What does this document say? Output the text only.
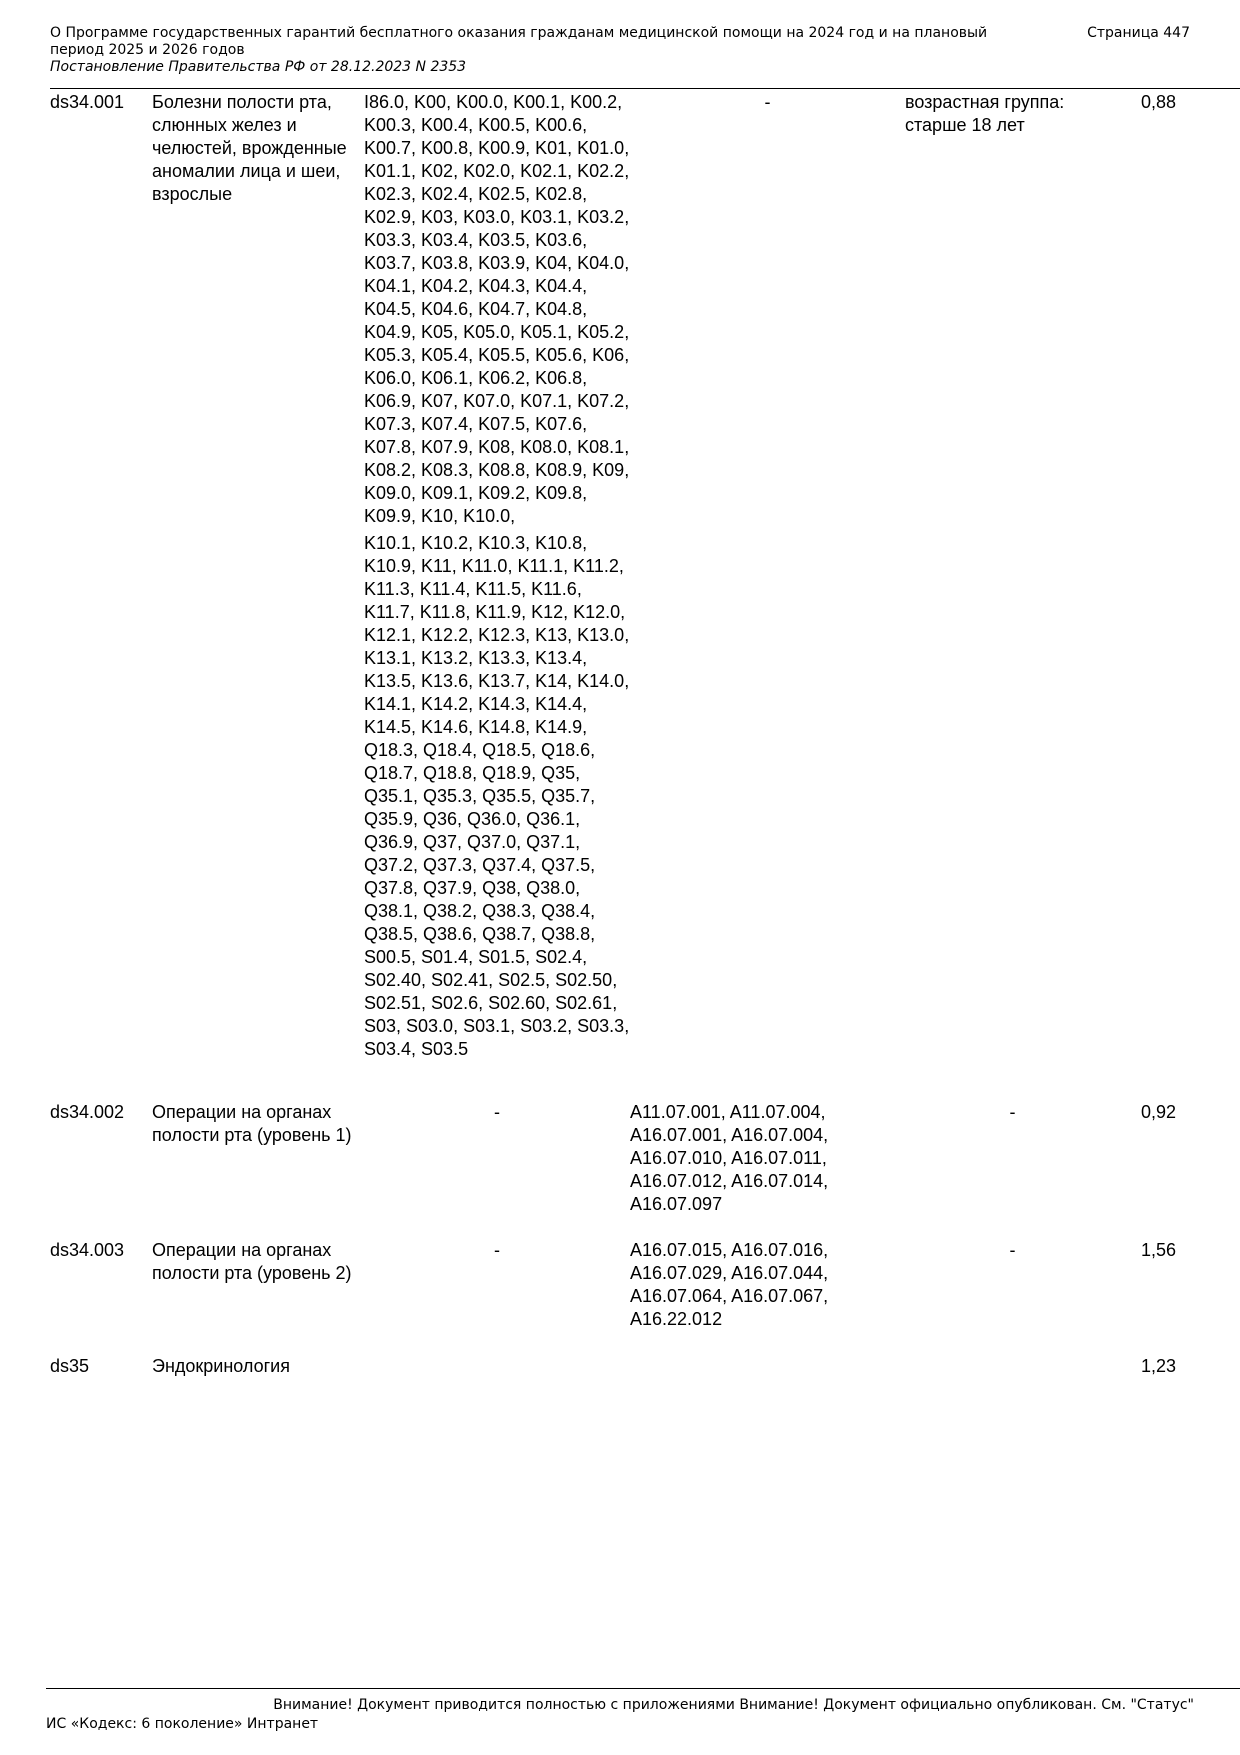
О Программе государственных гарантий бесплатного оказания гражданам медицинской помощи на 2024 год и на плановый период 2025 и 2026 годов
Постановление Правительства РФ от 28.12.2023 N 2353
Страница 447
ds34.001	Болезни полости рта, слюнных желез и челюстей, врожденные аномалии лица и шеи, взрослые	I86.0, K00, K00.0, K00.1, K00.2, K00.3, K00.4, K00.5, K00.6, K00.7, K00.8, K00.9, K01, K01.0, K01.1, K02, K02.0, K02.1, K02.2, K02.3, K02.4, K02.5, K02.8, K02.9, K03, K03.0, K03.1, K03.2, K03.3, K03.4, K03.5, K03.6, K03.7, K03.8, K03.9, K04, K04.0, K04.1, K04.2, K04.3, K04.4, K04.5, K04.6, K04.7, K04.8, K04.9, K05, K05.0, K05.1, K05.2, K05.3, K05.4, K05.5, K05.6, K06, K06.0, K06.1, K06.2, K06.8, K06.9, K07, K07.0, K07.1, K07.2, K07.3, K07.4, K07.5, K07.6, K07.8, K07.9, K08, K08.0, K08.1, K08.2, K08.3, K08.8, K08.9, K09, K09.0, K09.1, K09.2, K09.8, K09.9, K10, K10.0,
K10.1, K10.2, K10.3, K10.8, K10.9, K11, K11.0, K11.1, K11.2, K11.3, K11.4, K11.5, K11.6, K11.7, K11.8, K11.9, K12, K12.0, K12.1, K12.2, K12.3, K13, K13.0, K13.1, K13.2, K13.3, K13.4, K13.5, K13.6, K13.7, K14, K14.0, K14.1, K14.2, K14.3, K14.4, K14.5, K14.6, K14.8, K14.9, Q18.3, Q18.4, Q18.5, Q18.6, Q18.7, Q18.8, Q18.9, Q35, Q35.1, Q35.3, Q35.5, Q35.7, Q35.9, Q36, Q36.0, Q36.1, Q36.9, Q37, Q37.0, Q37.1, Q37.2, Q37.3, Q37.4, Q37.5, Q37.8, Q37.9, Q38, Q38.0, Q38.1, Q38.2, Q38.3, Q38.4, Q38.5, Q38.6, Q38.7, Q38.8, S00.5, S01.4, S01.5, S02.4, S02.40, S02.41, S02.5, S02.50, S02.51, S02.6, S02.60, S02.61, S03, S03.0, S03.1, S03.2, S03.3, S03.4, S03.5	-	возрастная группа: старше 18 лет	0,88
ds34.002	Операции на органах полости рта (уровень 1)	-	A11.07.001, A11.07.004, A16.07.001, A16.07.004, A16.07.010, A16.07.011, A16.07.012, A16.07.014, A16.07.097	-	0,92
ds34.003	Операции на органах полости рта (уровень 2)	-	A16.07.015, A16.07.016, A16.07.029, A16.07.044, A16.07.064, A16.07.067, A16.22.012	-	1,56
ds35	Эндокринология				1,23
Внимание! Документ приводится полностью с приложениями Внимание! Документ официально опубликован. См. "Статус"
ИС «Кодекс: 6 поколение» Интранет
